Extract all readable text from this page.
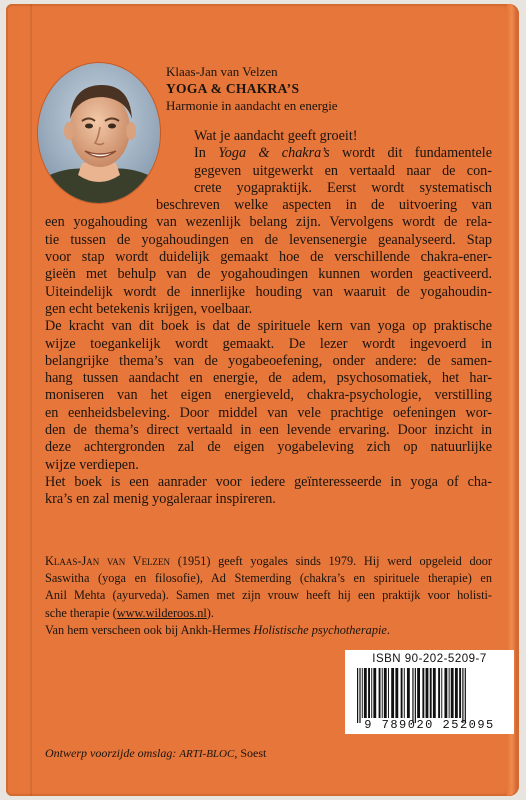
Klaas-Jan van Velzen
YOGA & CHAKRA’S
Harmonie in aandacht en energie
Wat je aandacht geeft groeit!
In Yoga & chakra’s wordt dit fundamentele
gegeven uitgewerkt en vertaald naar de con-
crete yogapraktijk. Eerst wordt systematisch
beschreven welke aspecten in de uitvoering van
een yogahouding van wezenlijk belang zijn. Vervolgens wordt de rela-
tie tussen de yogahoudingen en de levensenergie geanalyseerd. Stap
voor stap wordt duidelijk gemaakt hoe de verschillende chakra-ener-
gieën met behulp van de yogahoudingen kunnen worden geactiveerd.
Uiteindelijk wordt de innerlijke houding van waaruit de yogahoudin-
gen echt betekenis krijgen, voelbaar.
De kracht van dit boek is dat de spirituele kern van yoga op praktische
wijze toegankelijk wordt gemaakt. De lezer wordt ingevoerd in
belangrijke thema’s van de yogabeoefening, onder andere: de samen-
hang tussen aandacht en energie, de adem, psychosomatiek, het har-
moniseren van het eigen energieveld, chakra-psychologie, verstilling
en eenheidsbeleving. Door middel van vele prachtige oefeningen wor-
den de thema’s direct vertaald in een levende ervaring. Door inzicht in
deze achtergronden zal de eigen yogabeleving zich op natuurlijke
wijze verdiepen.
Het boek is een aanrader voor iedere geïnteresseerde in yoga of cha-
kra’s en zal menig yogaleraar inspireren.
Klaas-Jan van Velzen (1951) geeft yogales sinds 1979. Hij werd opgeleid door
Saswitha (yoga en filosofie), Ad Stemerding (chakra’s en spirituele therapie) en
Anil Mehta (ayurveda). Samen met zijn vrouw heeft hij een praktijk voor holisti-
sche therapie (www.wilderoos.nl).
Van hem verscheen ook bij Ankh-Hermes Holistische psychotherapie.
ISBN 90-202-5209-7
9 789020 252095
Ontwerp voorzijde omslag: ARTI-BLOC, Soest
